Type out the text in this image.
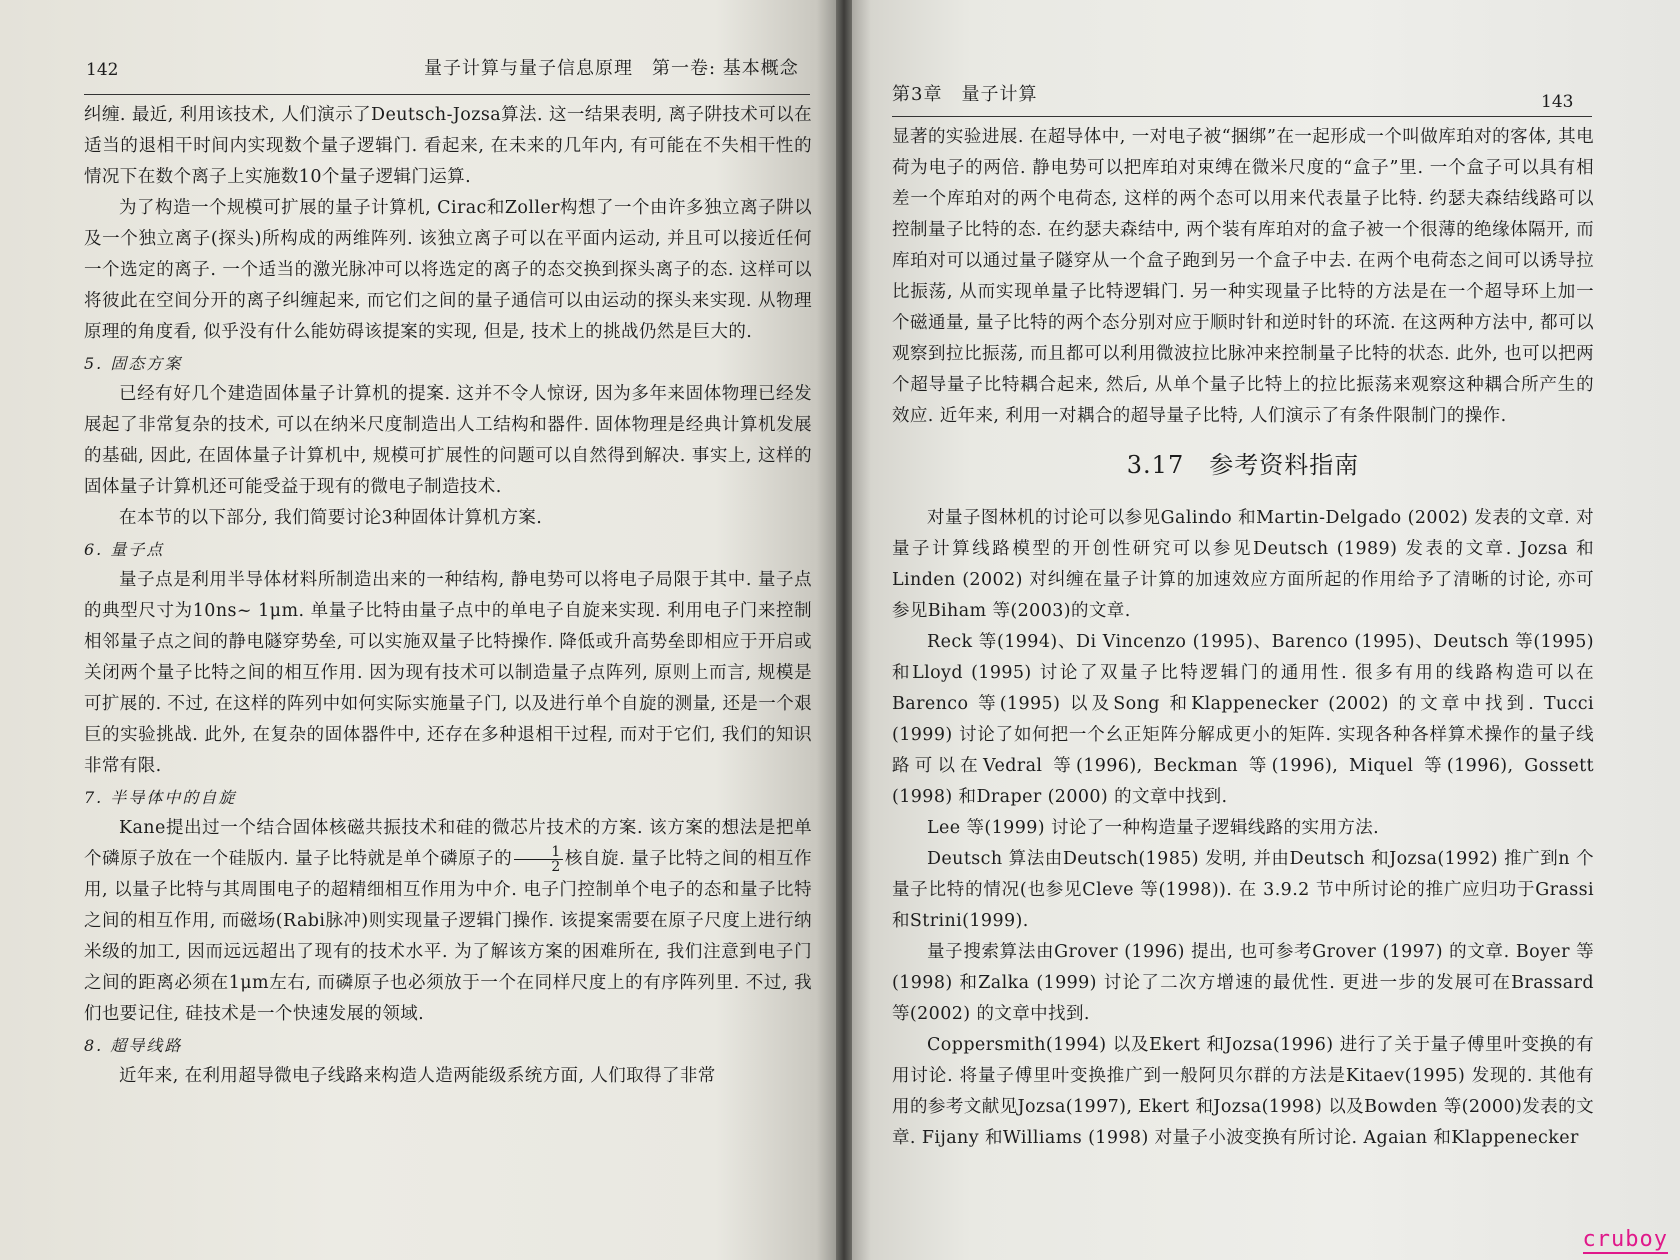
142	量子计算与量子信息原理　第一卷: 基本概念

纠缠. 最近, 利用该技术, 人们演示了Deutsch-Jozsa算法. 这一结果表明, 离子阱技术可以在适当的退相干时间内实现数个量子逻辑门. 看起来, 在未来的几年内, 有可能在不失相干性的情况下在数个离子上实施数10个量子逻辑门运算.

为了构造一个规模可扩展的量子计算机, Cirac和Zoller构想了一个由许多独立离子阱以及一个独立离子(探头)所构成的两维阵列. 该独立离子可以在平面内运动, 并且可以接近任何一个选定的离子. 一个适当的激光脉冲可以将选定的离子的态交换到探头离子的态. 这样可以将彼此在空间分开的离子纠缠起来, 而它们之间的量子通信可以由运动的探头来实现. 从物理原理的角度看, 似乎没有什么能妨碍该提案的实现, 但是, 技术上的挑战仍然是巨大的.

5. 固态方案

已经有好几个建造固体量子计算机的提案. 这并不令人惊讶, 因为多年来固体物理已经发展起了非常复杂的技术, 可以在纳米尺度制造出人工结构和器件. 固体物理是经典计算机发展的基础, 因此, 在固体量子计算机中, 规模可扩展性的问题可以自然得到解决. 事实上, 这样的固体量子计算机还可能受益于现有的微电子制造技术.

在本节的以下部分, 我们简要讨论3种固体计算机方案.

6. 量子点

量子点是利用半导体材料所制造出来的一种结构, 静电势可以将电子局限于其中. 量子点的典型尺寸为10ns~ 1μm. 单量子比特由量子点中的单电子自旋来实现. 利用电子门来控制相邻量子点之间的静电隧穿势垒, 可以实施双量子比特操作. 降低或升高势垒即相应于开启或关闭两个量子比特之间的相互作用. 因为现有技术可以制造量子点阵列, 原则上而言, 规模是可扩展的. 不过, 在这样的阵列中如何实际实施量子门, 以及进行单个自旋的测量, 还是一个艰巨的实验挑战. 此外, 在复杂的固体器件中, 还存在多种退相干过程, 而对于它们, 我们的知识非常有限.

7. 半导体中的自旋

Kane提出过一个结合固体核磁共振技术和硅的微芯片技术的方案. 该方案的想法是把单个磷原子放在一个硅版内. 量子比特就是单个磷原子的 $\frac{1}{2}$ 核自旋. 量子比特之间的相互作用, 以量子比特与其周围电子的超精细相互作用为中介. 电子门控制单个电子的态和量子比特之间的相互作用, 而磁场(Rabi脉冲)则实现量子逻辑门操作. 该提案需要在原子尺度上进行纳米级的加工, 因而远远超出了现有的技术水平. 为了解该方案的困难所在, 我们注意到电子门之间的距离必须在1μm左右, 而磷原子也必须放于一个在同样尺度上的有序阵列里. 不过, 我们也要记住, 硅技术是一个快速发展的领域.

8. 超导线路

近年来, 在利用超导微电子线路来构造人造两能级系统方面, 人们取得了非常

第3章　量子计算	143

显著的实验进展. 在超导体中, 一对电子被“捆绑”在一起形成一个叫做库珀对的客体, 其电荷为电子的两倍. 静电势可以把库珀对束缚在微米尺度的“盒子”里. 一个盒子可以具有相差一个库珀对的两个电荷态, 这样的两个态可以用来代表量子比特. 约瑟夫森结线路可以控制量子比特的态. 在约瑟夫森结中, 两个装有库珀对的盒子被一个很薄的绝缘体隔开, 而库珀对可以通过量子隧穿从一个盒子跑到另一个盒子中去. 在两个电荷态之间可以诱导拉比振荡, 从而实现单量子比特逻辑门. 另一种实现量子比特的方法是在一个超导环上加一个磁通量, 量子比特的两个态分别对应于顺时针和逆时针的环流. 在这两种方法中, 都可以观察到拉比振荡, 而且都可以利用微波拉比脉冲来控制量子比特的状态. 此外, 也可以把两个超导量子比特耦合起来, 然后, 从单个量子比特上的拉比振荡来观察这种耦合所产生的效应. 近年来, 利用一对耦合的超导量子比特, 人们演示了有条件限制门的操作.

3.17　参考资料指南

对量子图林机的讨论可以参见Galindo 和Martin-Delgado (2002) 发表的文章. 对量子计算线路模型的开创性研究可以参见Deutsch (1989) 发表的文章. Jozsa 和Linden (2002) 对纠缠在量子计算的加速效应方面所起的作用给予了清晰的讨论, 亦可参见Biham 等(2003)的文章.

Reck 等(1994)、Di Vincenzo (1995)、Barenco (1995)、Deutsch 等(1995) 和Lloyd (1995) 讨论了双量子比特逻辑门的通用性. 很多有用的线路构造可以在Barenco 等(1995) 以及Song 和Klappenecker (2002) 的文章中找到. Tucci (1999) 讨论了如何把一个幺正矩阵分解成更小的矩阵. 实现各种各样算术操作的量子线路可以在Vedral 等(1996), Beckman 等(1996), Miquel 等(1996), Gossett (1998) 和Draper (2000) 的文章中找到.

Lee 等(1999) 讨论了一种构造量子逻辑线路的实用方法.

Deutsch 算法由Deutsch(1985) 发明, 并由Deutsch 和Jozsa(1992) 推广到n 个量子比特的情况(也参见Cleve 等(1998)). 在 3.9.2 节中所讨论的推广应归功于Grassi 和Strini(1999).

量子搜索算法由Grover (1996) 提出, 也可参考Grover (1997) 的文章. Boyer 等(1998) 和Zalka (1999) 讨论了二次方增速的最优性. 更进一步的发展可在Brassard 等(2002) 的文章中找到.

Coppersmith(1994) 以及Ekert 和Jozsa(1996) 进行了关于量子傅里叶变换的有用讨论. 将量子傅里叶变换推广到一般阿贝尔群的方法是Kitaev(1995) 发现的. 其他有用的参考文献见Jozsa(1997), Ekert 和Jozsa(1998) 以及Bowden 等(2000)发表的文章. Fijany 和Williams (1998) 对量子小波变换有所讨论. Agaian 和Klappenecker

cruboy
